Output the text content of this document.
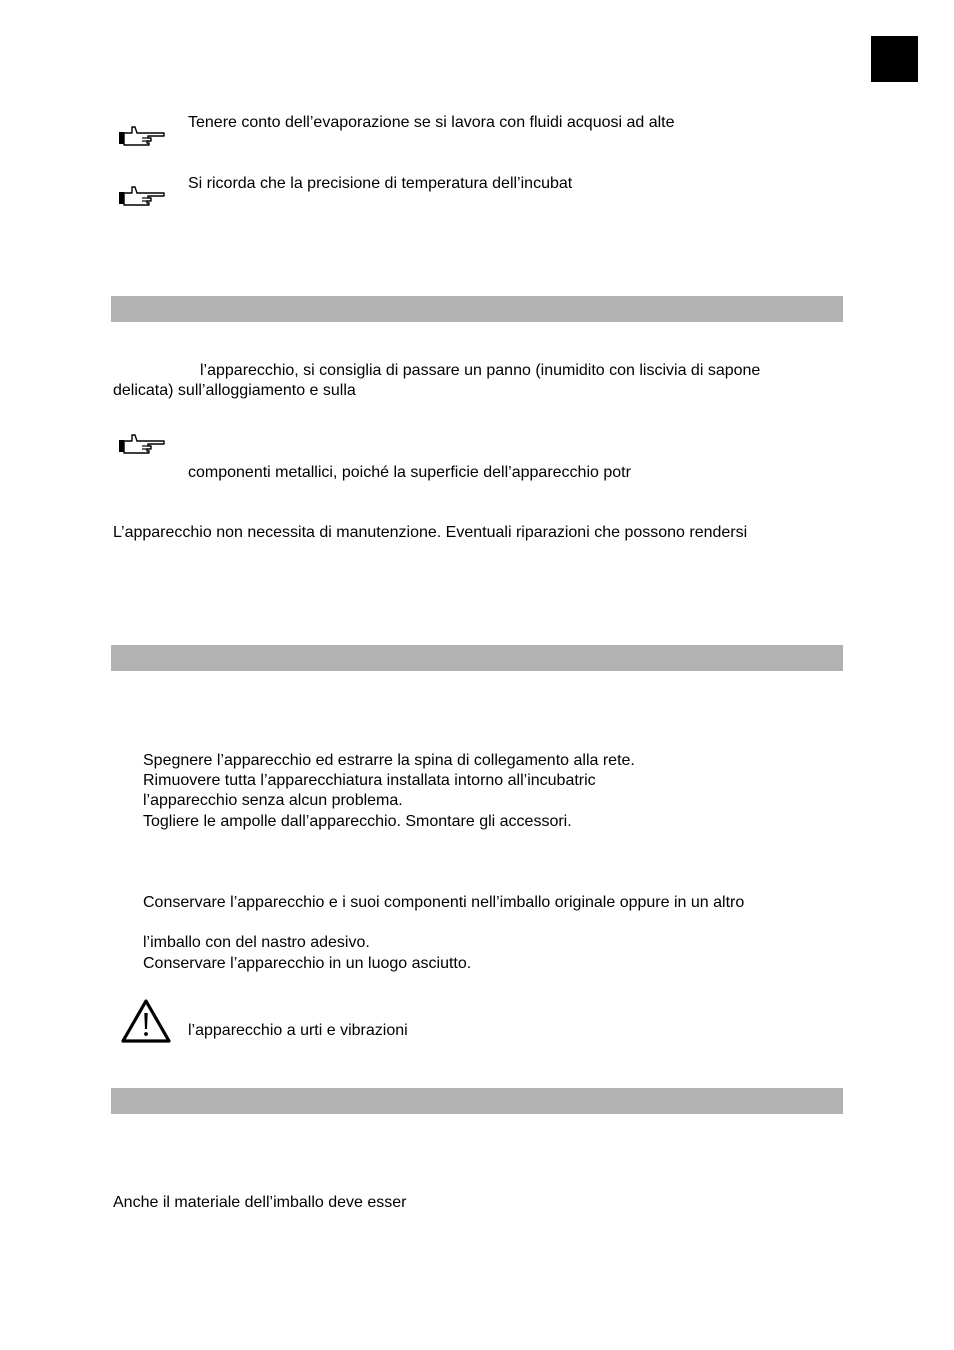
Tenere conto dell’evaporazione se si lavora con fluidi acquosi ad alte
Si ricorda che la precisione di temperatura dell’incubat
l’apparecchio, si consiglia di passare un panno (inumidito con liscivia di sapone
delicata) sull’alloggiamento e sulla
componenti metallici, poiché la superficie dell’apparecchio potr
L’apparecchio non necessita di manutenzione. Eventuali riparazioni che possono rendersi
Spegnere l’apparecchio ed estrarre la spina di collegamento alla rete.
Rimuovere tutta l’apparecchiatura installata intorno all’incubatric
l’apparecchio senza alcun problema.
Togliere le ampolle dall’apparecchio. Smontare gli accessori.
Conservare l’apparecchio e i suoi componenti nell’imballo originale oppure in un altro
l’imballo con del nastro adesivo.
Conservare l’apparecchio in un luogo asciutto.
l’apparecchio a urti e vibrazioni
Anche il materiale dell’imballo deve esser
